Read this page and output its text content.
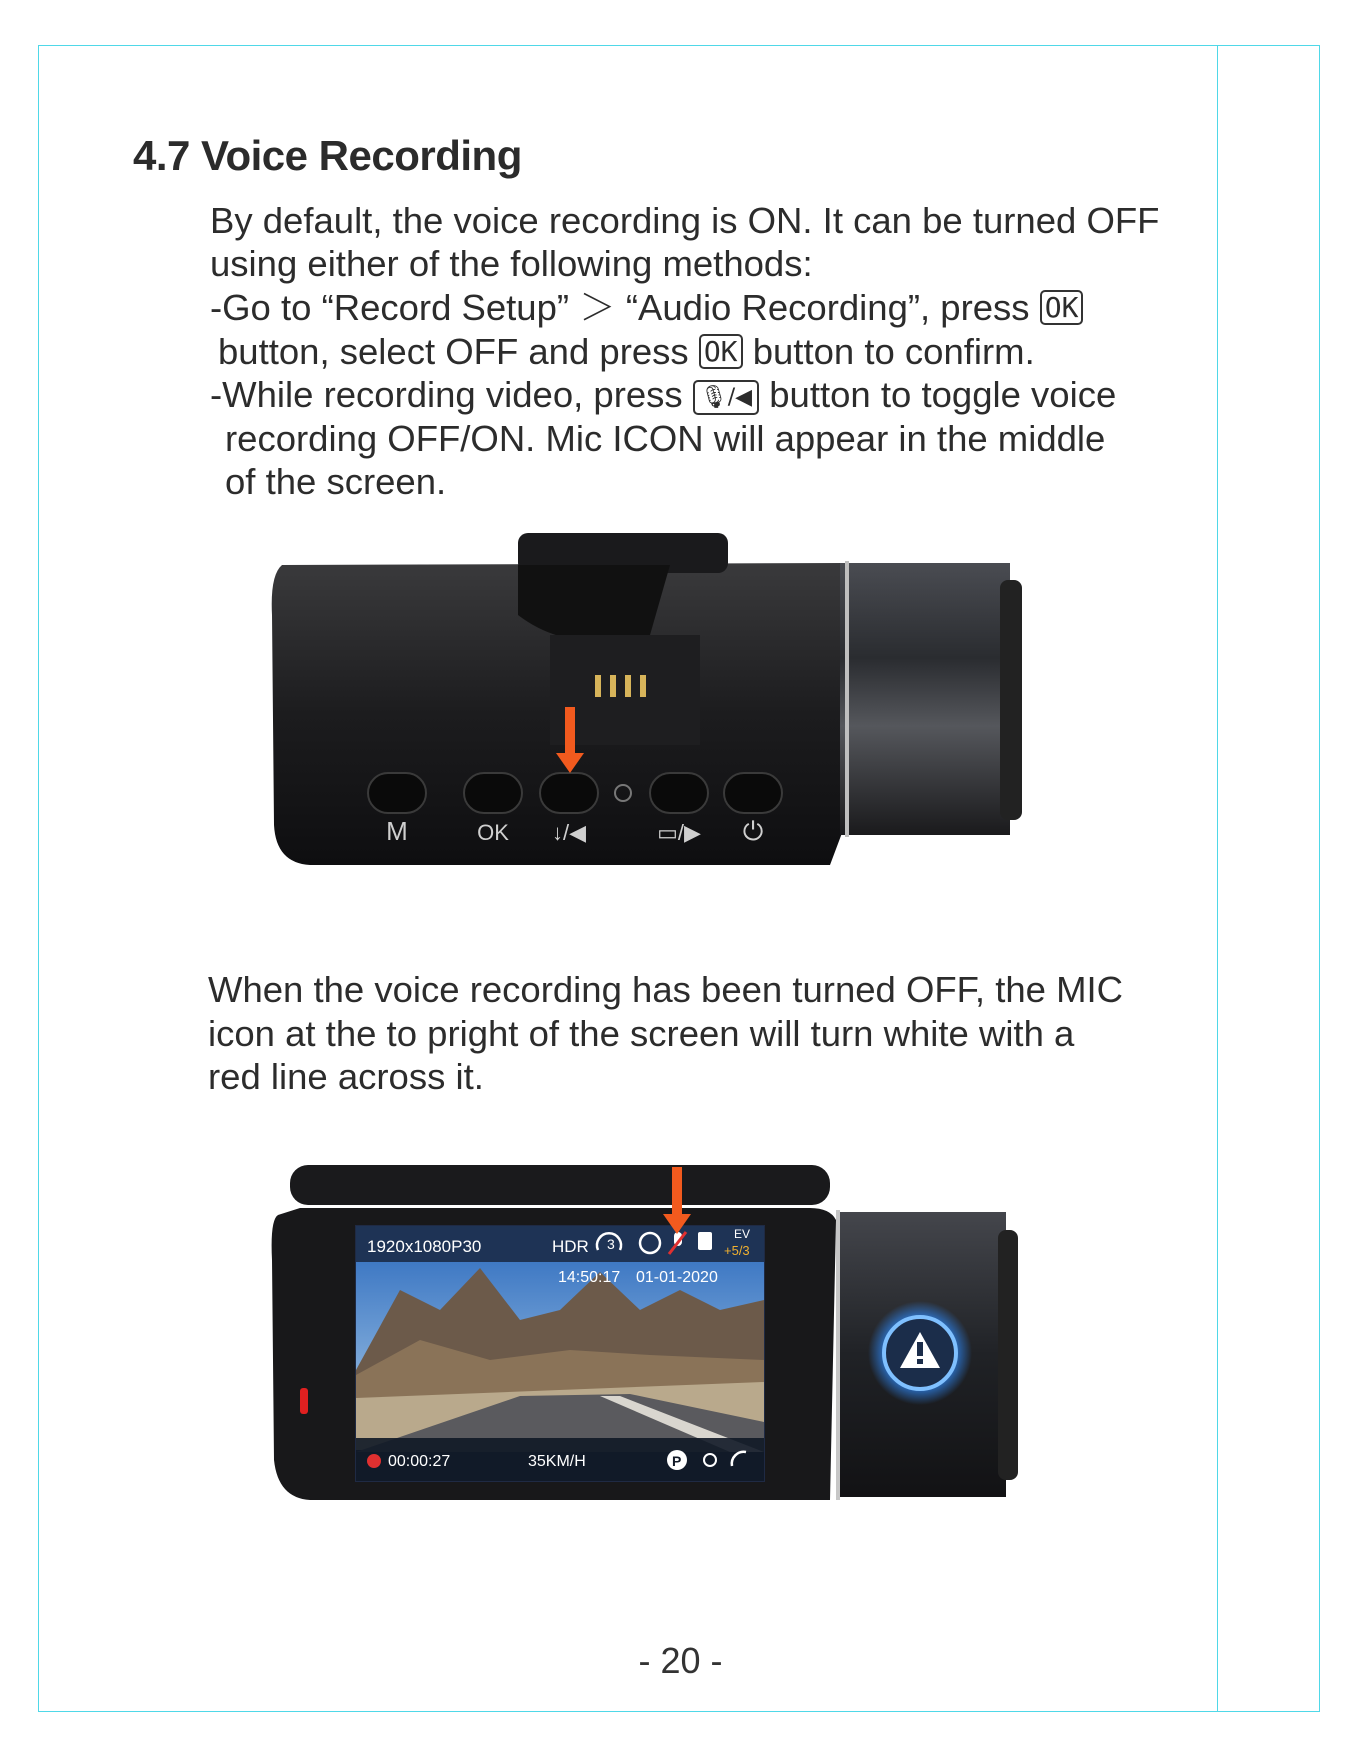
4.7 Voice Recording
By default, the voice recording is ON. It can be turned OFF
using either of the following methods:
-Go to “Record Setup” ＞ “Audio Recording”, press OK
button, select OFF and press OK button to confirm.
-While recording video, press 🎙/◀ button to toggle voice
recording OFF/ON. Mic ICON will appear in the middle
of the screen.
M	OK ↓/◀	▭/▶ ⏻
When the voice recording has been turned OFF, the MIC
icon at the to pright of the screen will turn white with a
red line across it.
1920x1080P30	HDR 3
14:50:17 01-01-2020
00:00:27	35KM/H
EV
+5/3
P
- 20 -
